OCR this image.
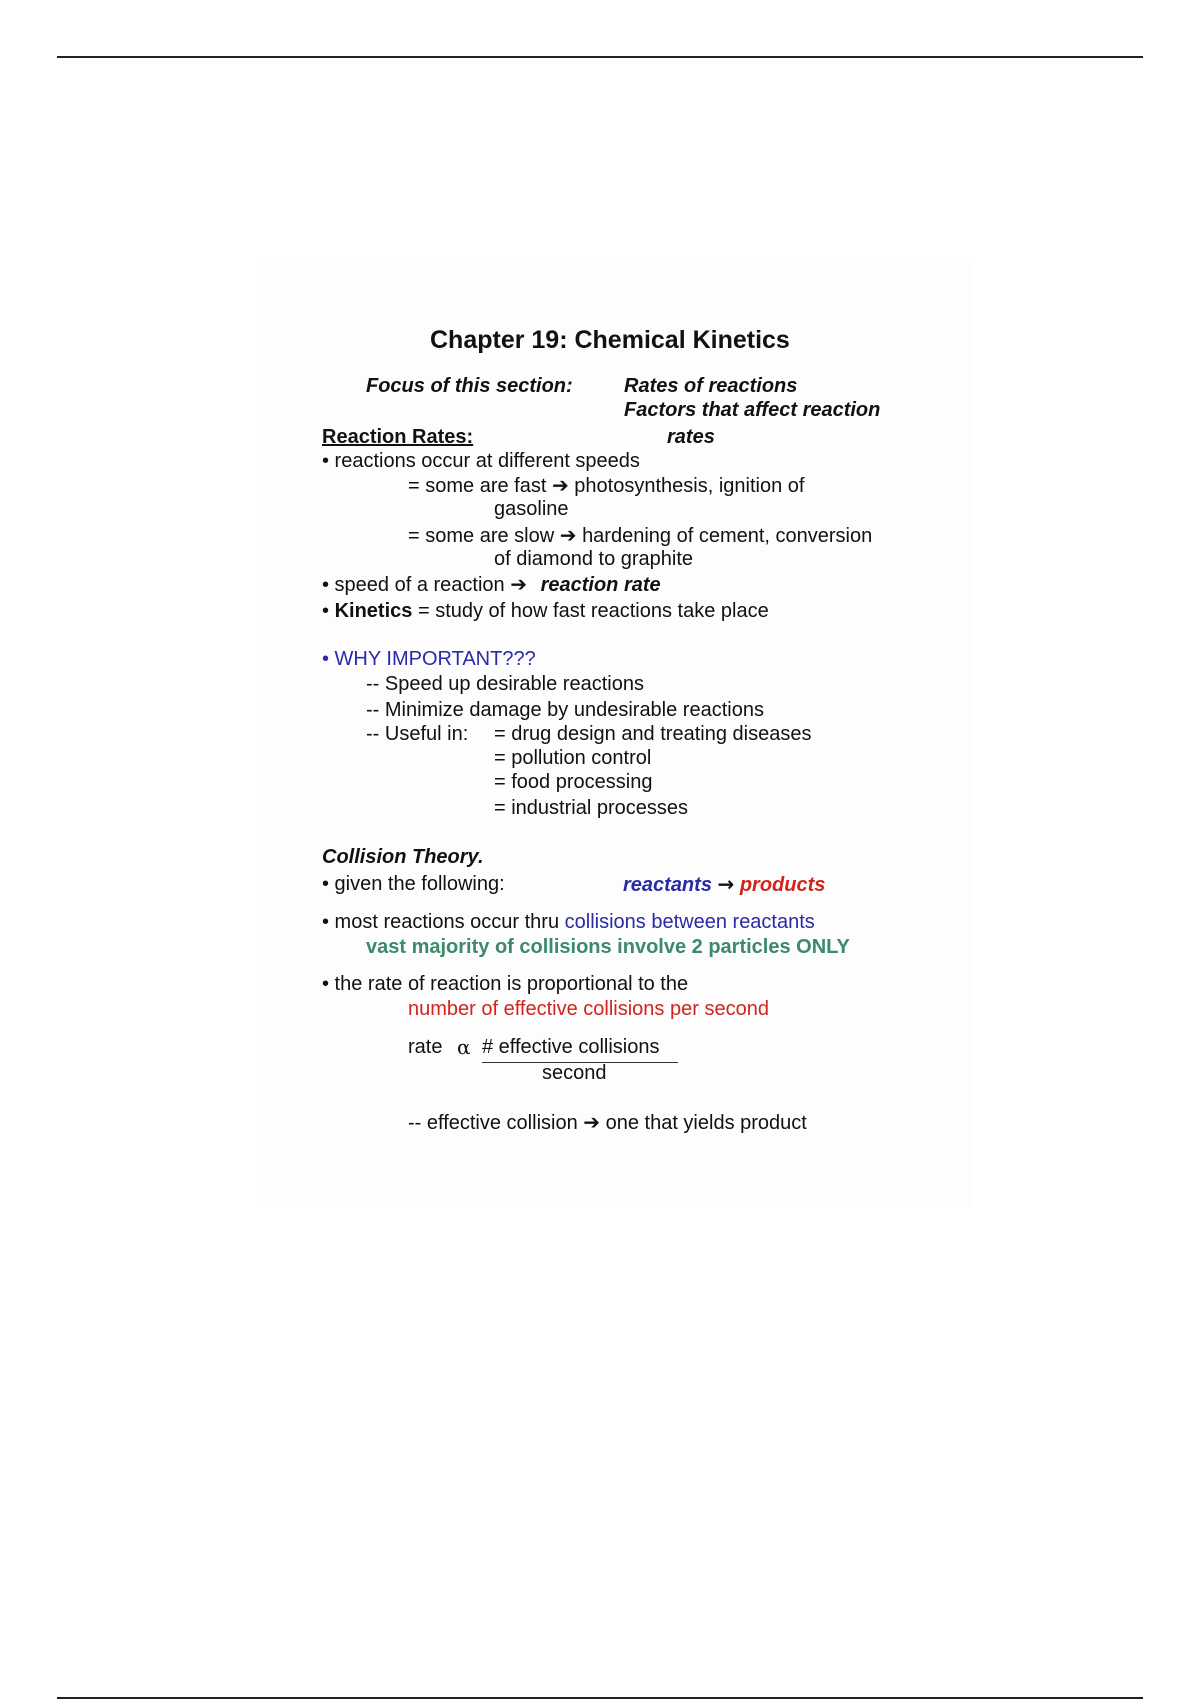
Chapter 19: Chemical Kinetics
Focus of this section:	Rates of reactions
Factors that affect reaction
rates
Reaction Rates:
• reactions occur at different speeds
= some are fast ➔ photosynthesis, ignition of
gasoline
= some are slow ➔ hardening of cement, conversion
of diamond to graphite
• speed of a reaction ➔ reaction rate
• Kinetics = study of how fast reactions take place
• WHY IMPORTANT???
-- Speed up desirable reactions
-- Minimize damage by undesirable reactions
-- Useful in: = drug design and treating diseases
= pollution control
= food processing
= industrial processes
Collision Theory.
• given the following:	reactants → products
• most reactions occur thru collisions between reactants
vast majority of collisions involve 2 particles ONLY
• the rate of reaction is proportional to the
number of effective collisions per second
rate α # effective collisions
second
-- effective collision ➔ one that yields product
